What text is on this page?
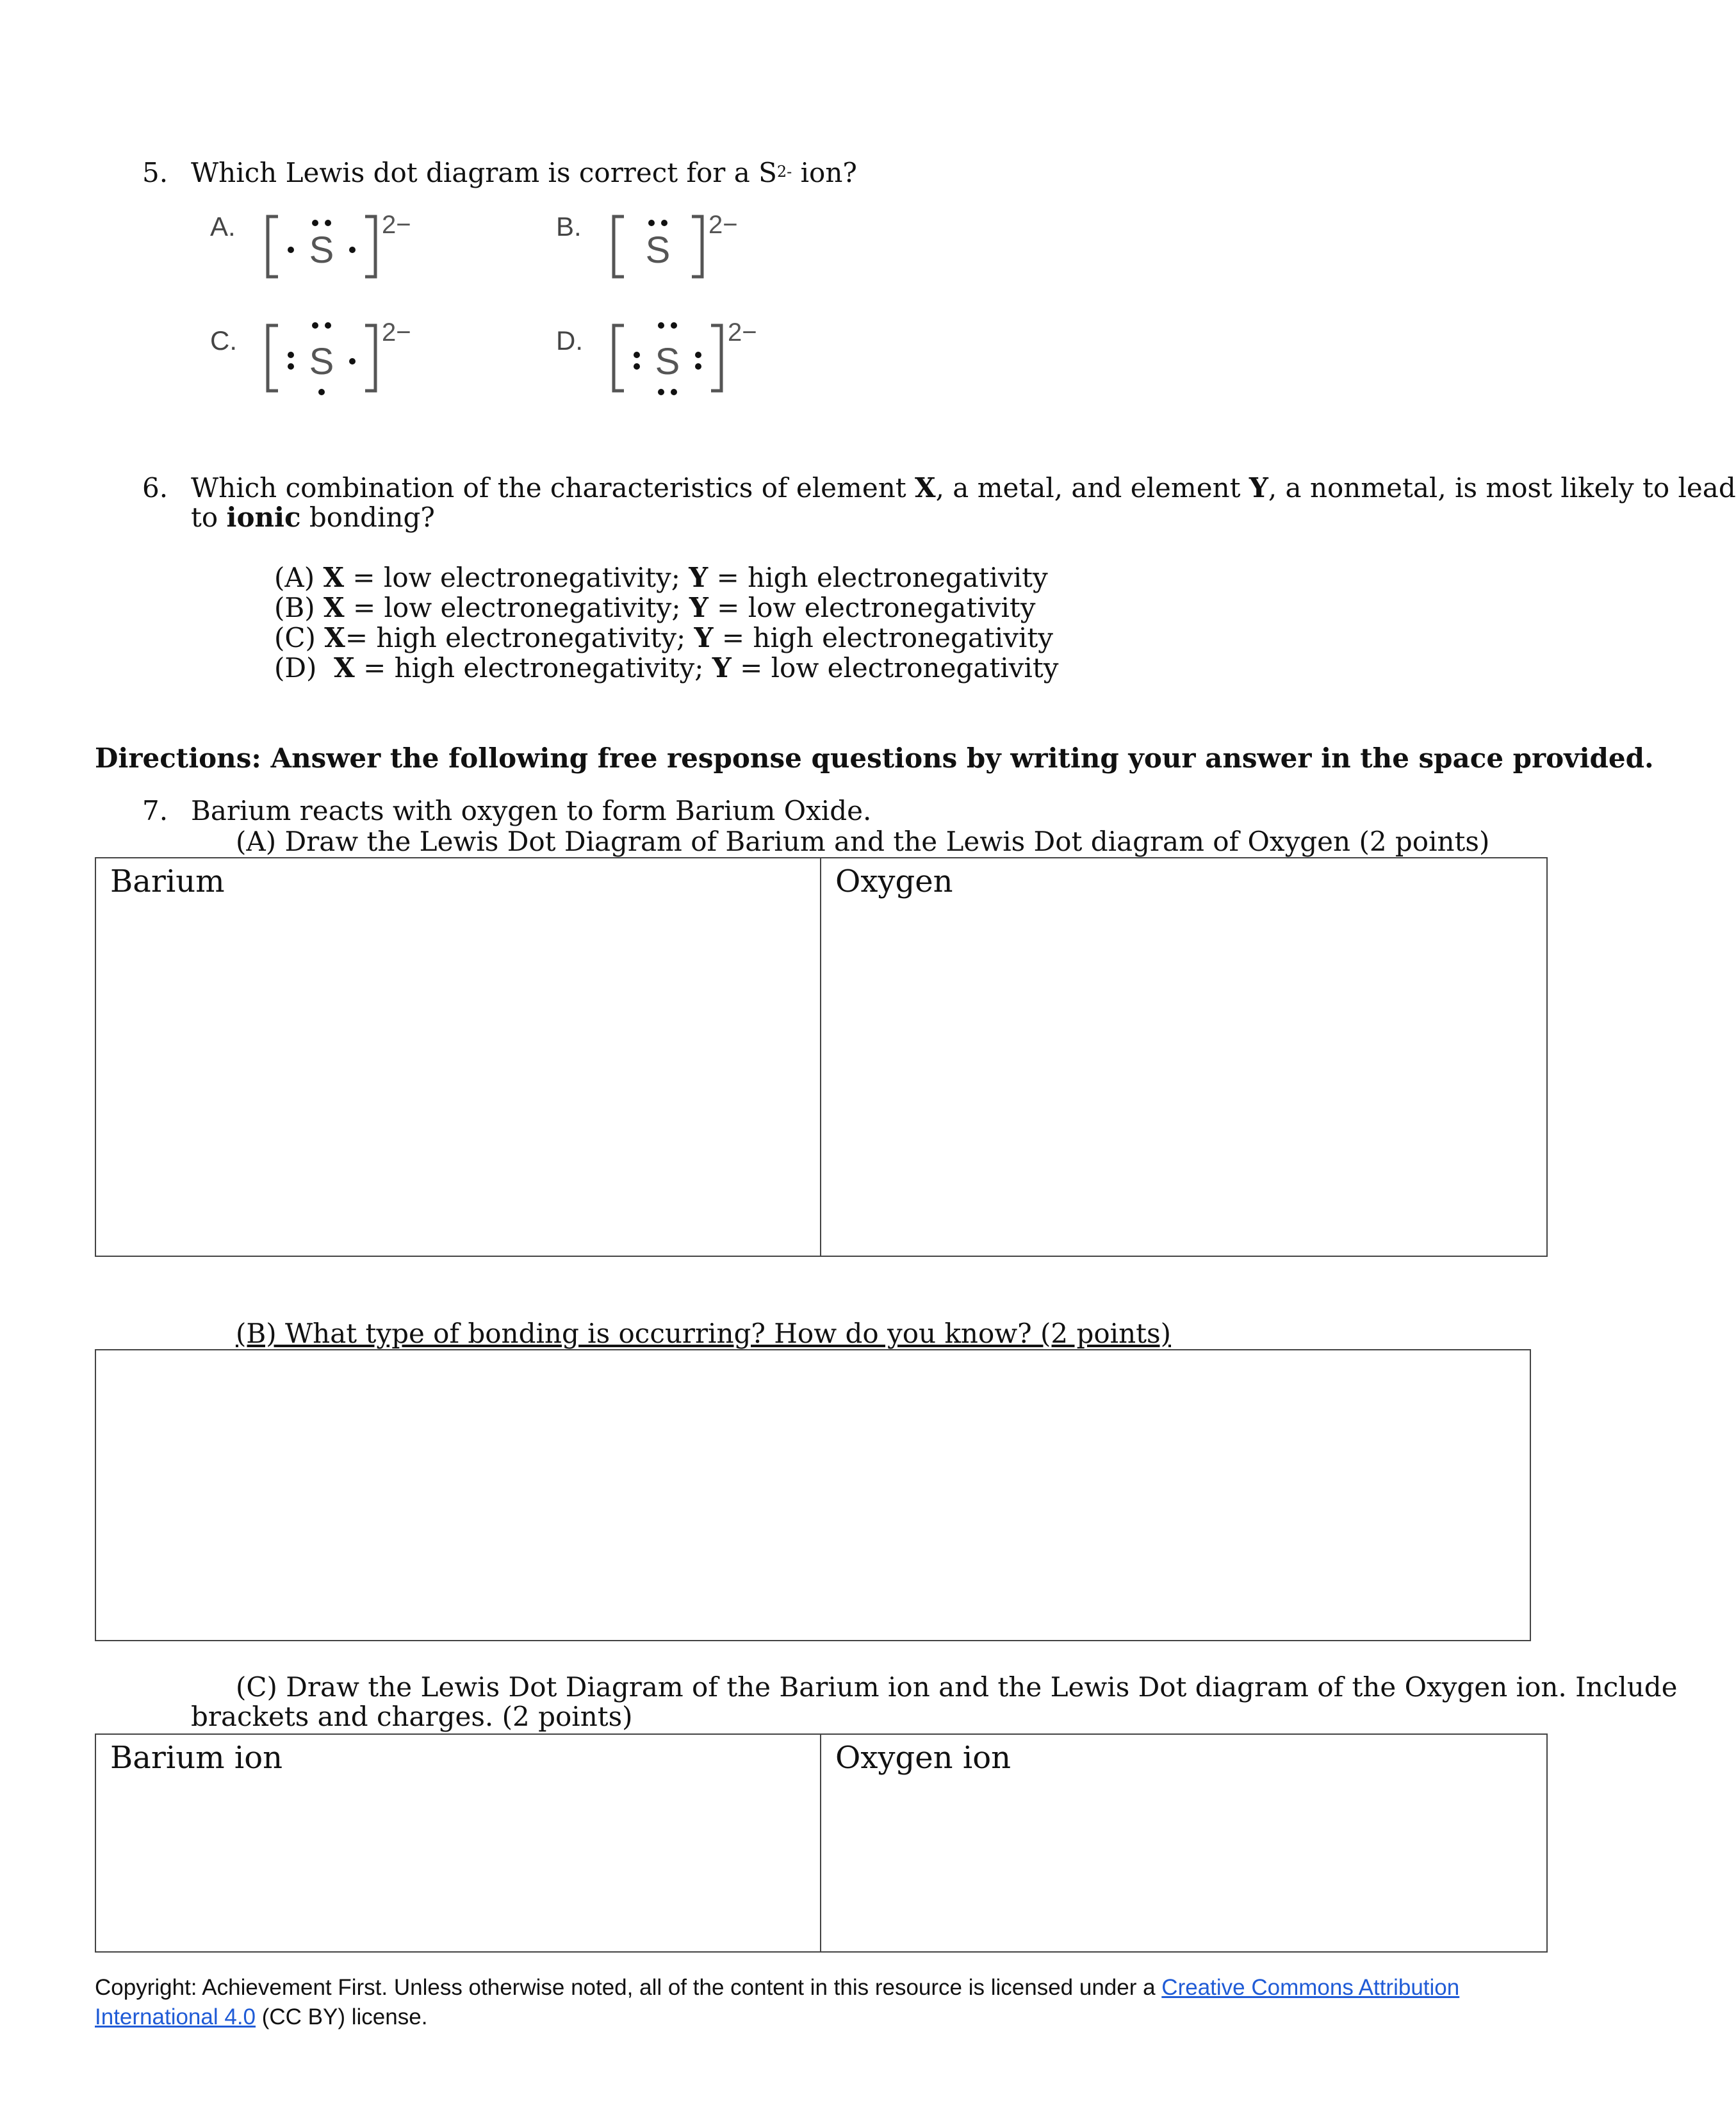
5. Which Lewis dot diagram is correct for a $S^{2-}$ ion?
A.
S
2−	B.
S
2−
C.
S
2−	D.
S
2−
6. Which combination of the characteristics of element X, a metal, and element Y, a nonmetal, is most likely to lead
to ionic bonding?
(A) X = low electronegativity; Y = high electronegativity
(B) X = low electronegativity; Y = low electronegativity
(C) X= high electronegativity; Y = high electronegativity
(D) X = high electronegativity; Y = low electronegativity
Directions: Answer the following free response questions by writing your answer in the space provided.
7. Barium reacts with oxygen to form Barium Oxide.
(A) Draw the Lewis Dot Diagram of Barium and the Lewis Dot diagram of Oxygen (2 points)
Barium	Oxygen
(B) What type of bonding is occurring? How do you know? (2 points)
(C) Draw the Lewis Dot Diagram of the Barium ion and the Lewis Dot diagram of the Oxygen ion. Include
brackets and charges. (2 points)
Barium ion	Oxygen ion
Copyright: Achievement First. Unless otherwise noted, all of the content in this resource is licensed under a Creative Commons Attribution
International 4.0 (CC BY) license.
